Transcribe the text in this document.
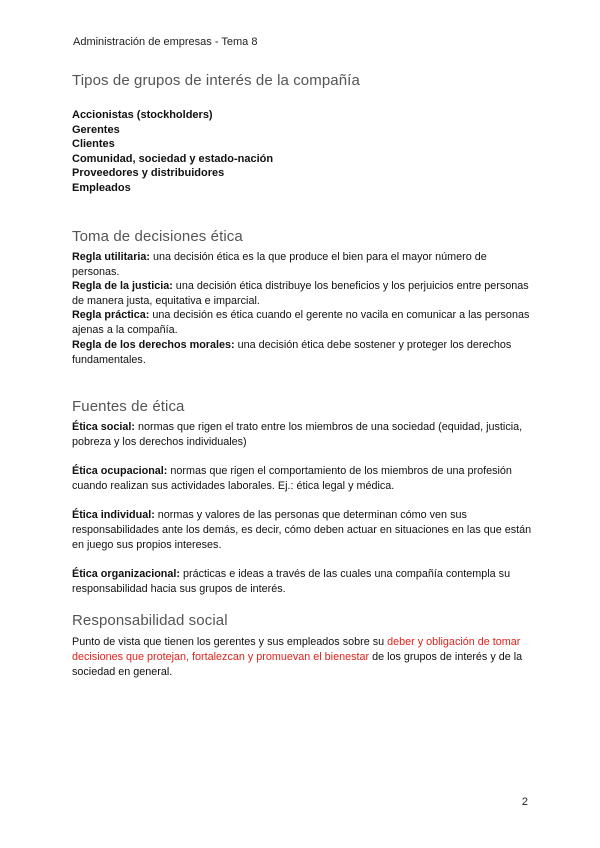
Administración de empresas - Tema 8
Tipos de grupos de interés de la compañía
Accionistas (stockholders)
Gerentes
Clientes
Comunidad, sociedad y estado-nación
Proveedores y distribuidores
Empleados
Toma de decisiones ética
Regla utilitaria: una decisión ética es la que produce el bien para el mayor número de personas.
Regla de la justicia: una decisión ética distribuye los beneficios y los perjuicios entre personas de manera justa, equitativa e imparcial.
Regla práctica: una decisión es ética cuando el gerente no vacila en comunicar a las personas ajenas a la compañía.
Regla de los derechos morales: una decisión ética debe sostener y proteger los derechos fundamentales.
Fuentes de ética
Ética social: normas que rigen el trato entre los miembros de una sociedad (equidad, justicia, pobreza y los derechos individuales)
Ética ocupacional: normas que rigen el comportamiento de los miembros de una profesión cuando realizan sus actividades laborales. Ej.: ética legal y médica.
Ética individual: normas y valores de las personas que determinan cómo ven sus responsabilidades ante los demás, es decir, cómo deben actuar en situaciones en las que están en juego sus propios intereses.
Ética organizacional: prácticas e ideas a través de las cuales una compañía contempla su responsabilidad hacia sus grupos de interés.
Responsabilidad social
Punto de vista que tienen los gerentes y sus empleados sobre su deber y obligación de tomar decisiones que protejan, fortalezcan y promuevan el bienestar de los grupos de interés y de la sociedad en general.
2
